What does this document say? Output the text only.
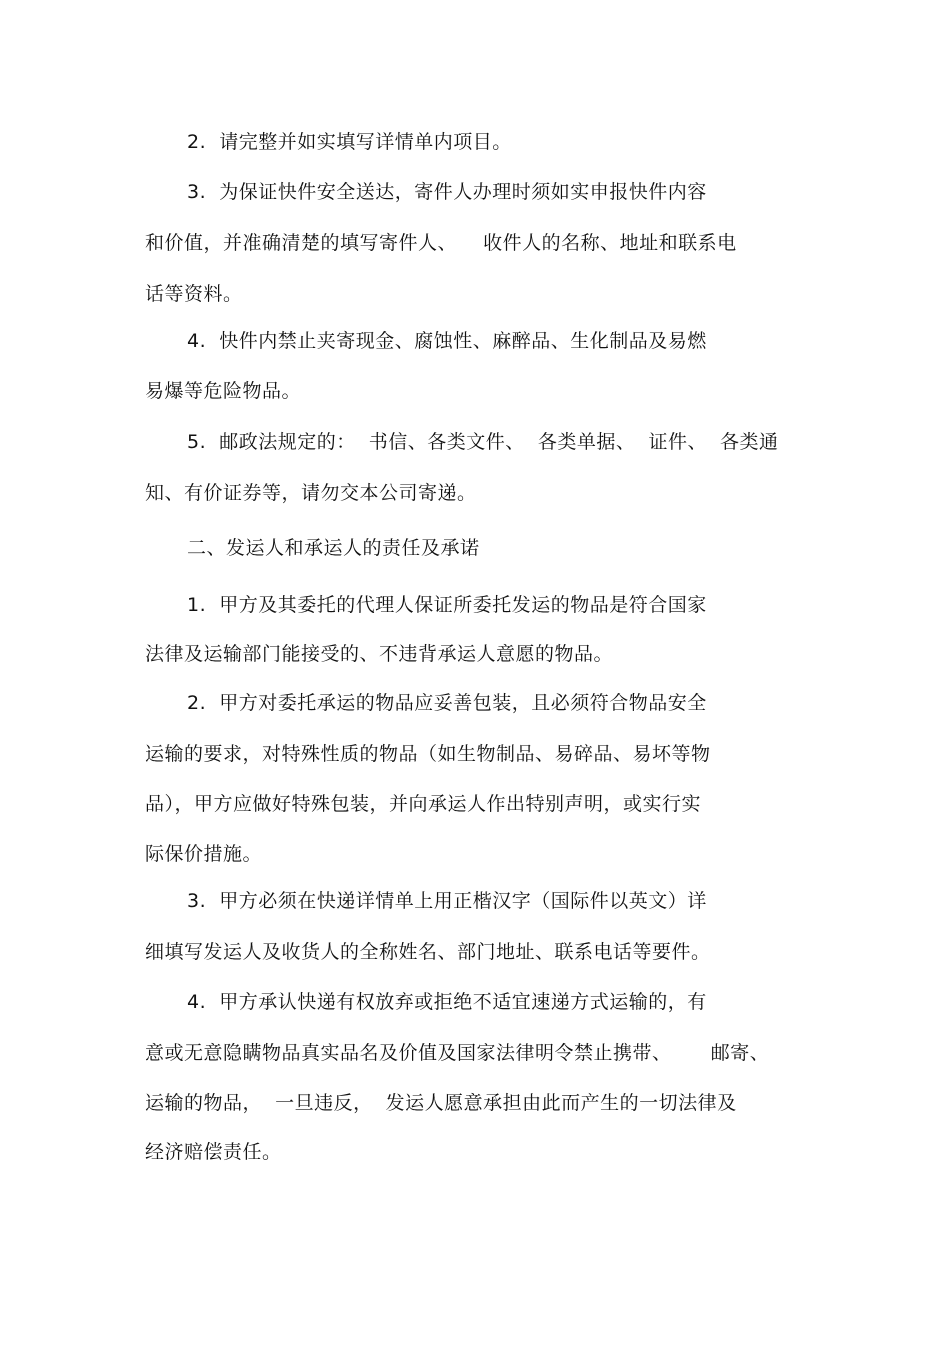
2.  请完整并如实填写详情单内项目。
3.  为保证快件安全送达，寄件人办理时须如实申报快件内容
和价值，并准确清楚的填写寄件人、    收件人的名称、地址和联系电
话等资料。
4.  快件内禁止夹寄现金、腐蚀性、麻醉品、生化制品及易燃
易爆等危险物品。
5.  邮政法规定的：  书信、各类文件、  各类单据、  证件、  各类通
知、有价证券等，请勿交本公司寄递。
二、发运人和承运人的责任及承诺
1.  甲方及其委托的代理人保证所委托发运的物品是符合国家
法律及运输部门能接受的、不违背承运人意愿的物品。
2.  甲方对委托承运的物品应妥善包装，且必须符合物品安全
运输的要求，对特殊性质的物品（如生物制品、易碎品、易坏等物
品），甲方应做好特殊包装，并向承运人作出特别声明，或实行实
际保价措施。
3.  甲方必须在快递详情单上用正楷汉字（国际件以英文）详
细填写发运人及收货人的全称姓名、部门地址、联系电话等要件。
4.  甲方承认快递有权放弃或拒绝不适宜速递方式运输的，有
意或无意隐瞒物品真实品名及价值及国家法律明令禁止携带、      邮寄、
运输的物品，  一旦违反，  发运人愿意承担由此而产生的一切法律及
经济赔偿责任。
